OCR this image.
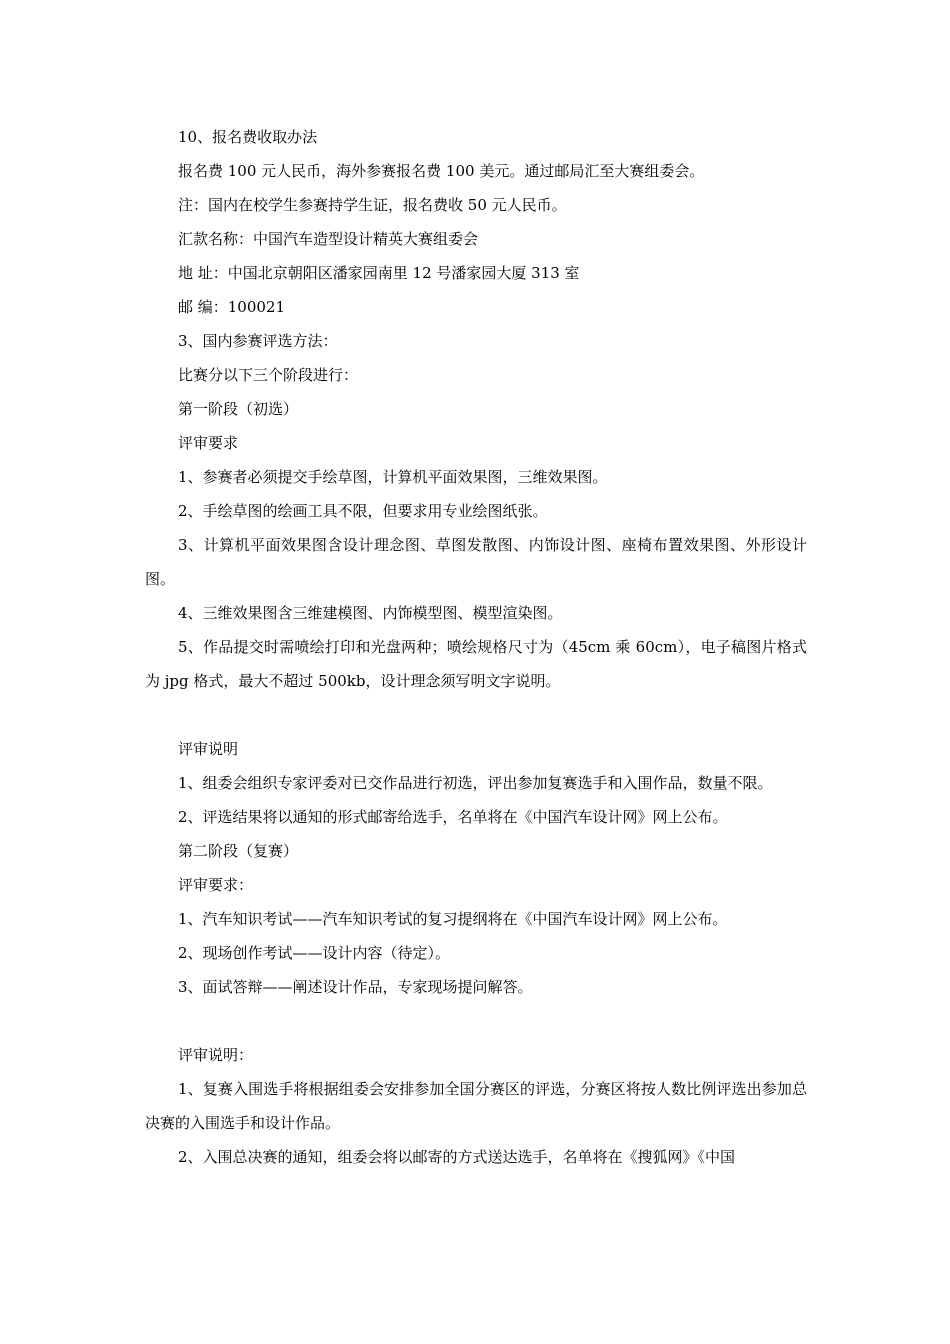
10、报名费收取办法

报名费 100 元人民币，海外参赛报名费 100 美元。通过邮局汇至大赛组委会。

注：国内在校学生参赛持学生证，报名费收 50 元人民币。

汇款名称：中国汽车造型设计精英大赛组委会

地 址：中国北京朝阳区潘家园南里 12 号潘家园大厦 313 室

邮 编：100021

3、国内参赛评选方法：

比赛分以下三个阶段进行：

第一阶段（初选）

评审要求

1、参赛者必须提交手绘草图，计算机平面效果图，三维效果图。

2、手绘草图的绘画工具不限，但要求用专业绘图纸张。

3、计算机平面效果图含设计理念图、草图发散图、内饰设计图、座椅布置效果图、外形设计图。

4、三维效果图含三维建模图、内饰模型图、模型渲染图。

5、作品提交时需喷绘打印和光盘两种；喷绘规格尺寸为（45cm 乘 60cm），电子稿图片格式为 jpg 格式，最大不超过 500kb，设计理念须写明文字说明。

评审说明

1、组委会组织专家评委对已交作品进行初选，评出参加复赛选手和入围作品，数量不限。

2、评选结果将以通知的形式邮寄给选手，名单将在《中国汽车设计网》网上公布。

第二阶段（复赛）

评审要求：

1、汽车知识考试——汽车知识考试的复习提纲将在《中国汽车设计网》网上公布。

2、现场创作考试——设计内容（待定）。

3、面试答辩——阐述设计作品，专家现场提问解答。

评审说明：

1、复赛入围选手将根据组委会安排参加全国分赛区的评选，分赛区将按人数比例评选出参加总决赛的入围选手和设计作品。

2、入围总决赛的通知，组委会将以邮寄的方式送达选手，名单将在《搜狐网》《中国
